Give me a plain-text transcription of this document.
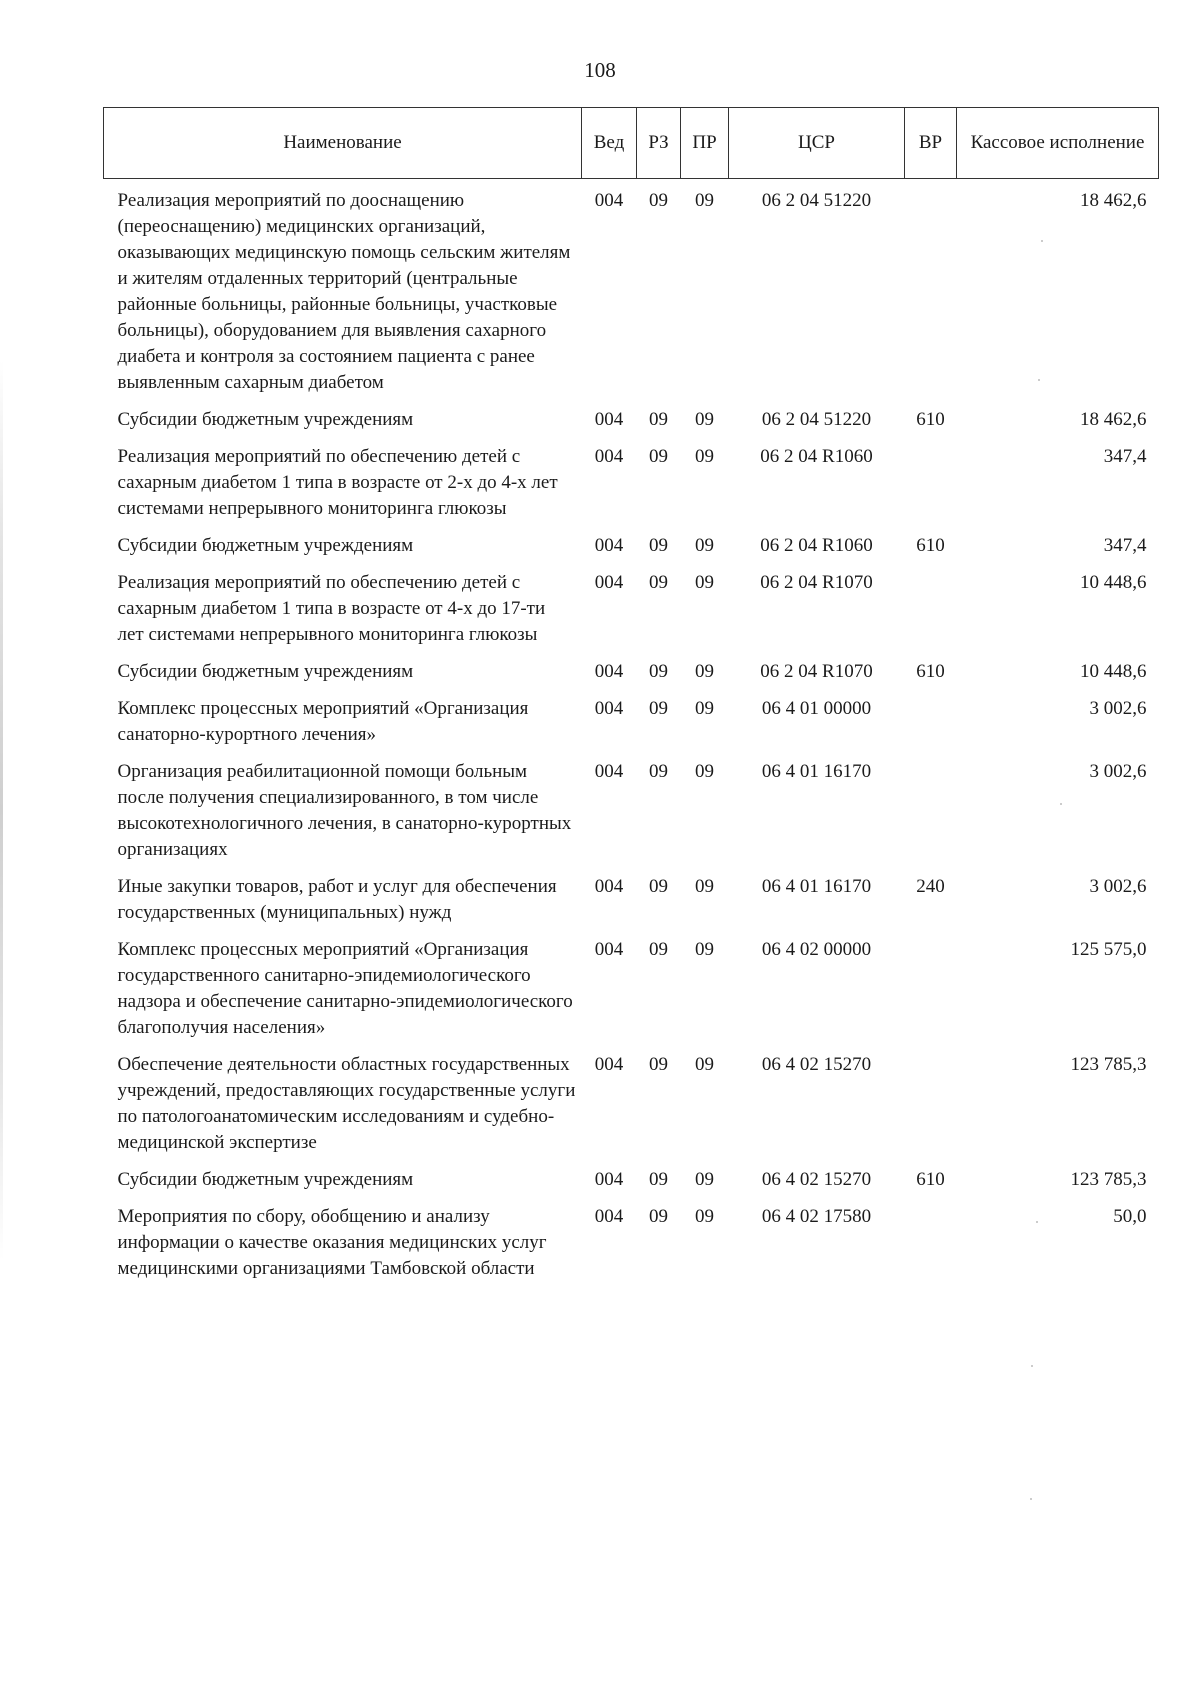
108
Наименование	Вед	РЗ	ПР	ЦСР	ВР	Кассовое исполнение
Реализация мероприятий по дооснащению (переоснащению) медицинских организаций, оказывающих медицинскую помощь сельским жителям и жителям отдаленных территорий (центральные районные больницы, районные больницы, участковые больницы), оборудованием для выявления сахарного диабета и контроля за состоянием пациента с ранее выявленным сахарным диабетом	004	09	09	06 2 04 51220		18 462,6
Субсидии бюджетным учреждениям	004	09	09	06 2 04 51220	610	18 462,6
Реализация мероприятий по обеспечению детей с сахарным диабетом 1 типа в возрасте от 2-х до 4-х лет системами непрерывного мониторинга глюкозы	004	09	09	06 2 04 R1060		347,4
Субсидии бюджетным учреждениям	004	09	09	06 2 04 R1060	610	347,4
Реализация мероприятий по обеспечению детей с сахарным диабетом 1 типа в возрасте от 4-х до 17-ти лет системами непрерывного мониторинга глюкозы	004	09	09	06 2 04 R1070		10 448,6
Субсидии бюджетным учреждениям	004	09	09	06 2 04 R1070	610	10 448,6
Комплекс процессных мероприятий «Организация санаторно-курортного лечения»	004	09	09	06 4 01 00000		3 002,6
Организация реабилитационной помощи больным после получения специализированного, в том числе высокотехнологичного лечения, в санаторно-курортных организациях	004	09	09	06 4 01 16170		3 002,6
Иные закупки товаров, работ и услуг для обеспечения государственных (муниципальных) нужд	004	09	09	06 4 01 16170	240	3 002,6
Комплекс процессных мероприятий «Организация государственного санитарно-эпидемиологического надзора и обеспечение санитарно-эпидемиологического благополучия населения»	004	09	09	06 4 02 00000		125 575,0
Обеспечение деятельности областных государственных учреждений, предоставляющих государственные услуги по патологоанатомическим исследованиям и судебно-медицинской экспертизе	004	09	09	06 4 02 15270		123 785,3
Субсидии бюджетным учреждениям	004	09	09	06 4 02 15270	610	123 785,3
Мероприятия по сбору, обобщению и анализу информации о качестве оказания медицинских услуг медицинскими организациями Тамбовской области	004	09	09	06 4 02 17580		50,0
